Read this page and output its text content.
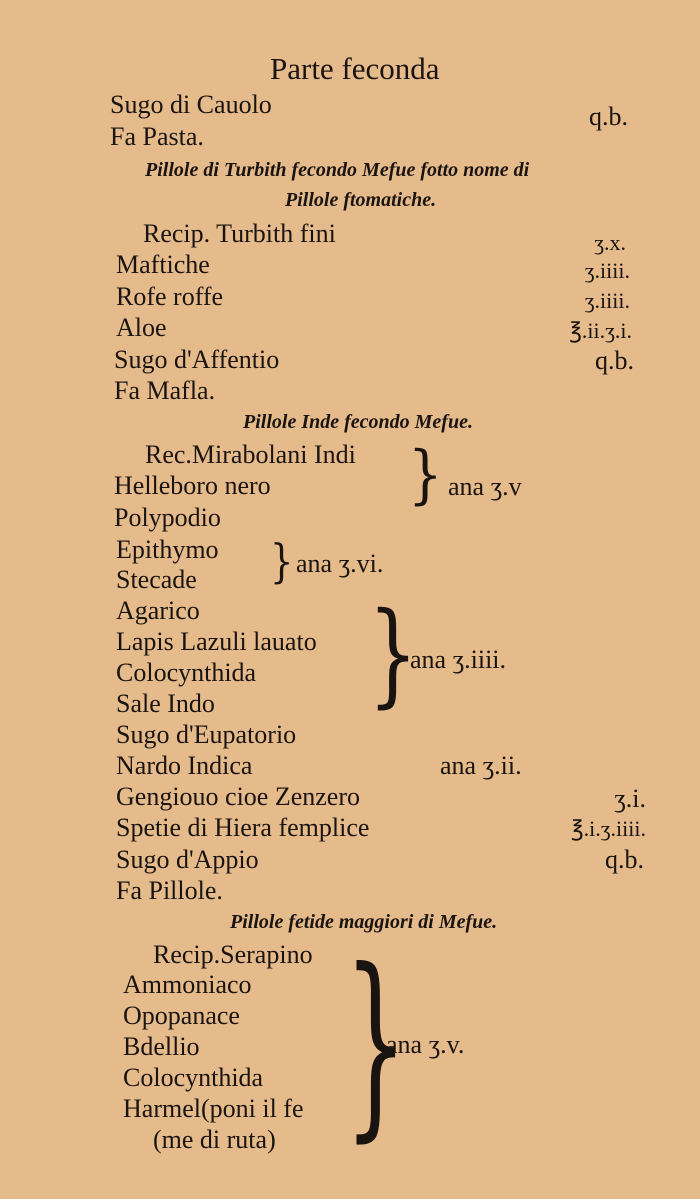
Parte feconda
Sugo di Cauolo	q.b.
Fa Pasta.
Pillole di Turbith fecondo Mefue fotto nome di
Pillole ftomatiche.
Recip. Turbith fini	ʒ.x.
Maftiche	ʒ.iiii.
Rofe roffe	ʒ.iiii.
Aloe	℥.ii.ʒ.i.
Sugo d'Affentio	q.b.
Fa Mafla.
Pillole Inde fecondo Mefue.
Rec.Mirabolani Indi
Helleboro nero
Polypodio
} ana ʒ.v
Epithymo
Stecade } ana ʒ.vi.
Agarico
Lapis Lazuli lauato
Colocynthida
Sale Indo }
ana ʒ.iiii.
Sugo d'Eupatorio
Nardo Indica	ana ʒ.ii.
Gengiouo cioe Zenzero	ʒ.i.
Spetie di Hiera femplice	℥.i.ʒ.iiii.
Sugo d'Appio	q.b.
Fa Pillole.
Pillole fetide maggiori di Mefue.
Recip.Serapino
Ammoniaco
Opopanace
Bdellio
Colocynthida
Harmel(poni il fe
(me di ruta) }
ana ʒ.v.
